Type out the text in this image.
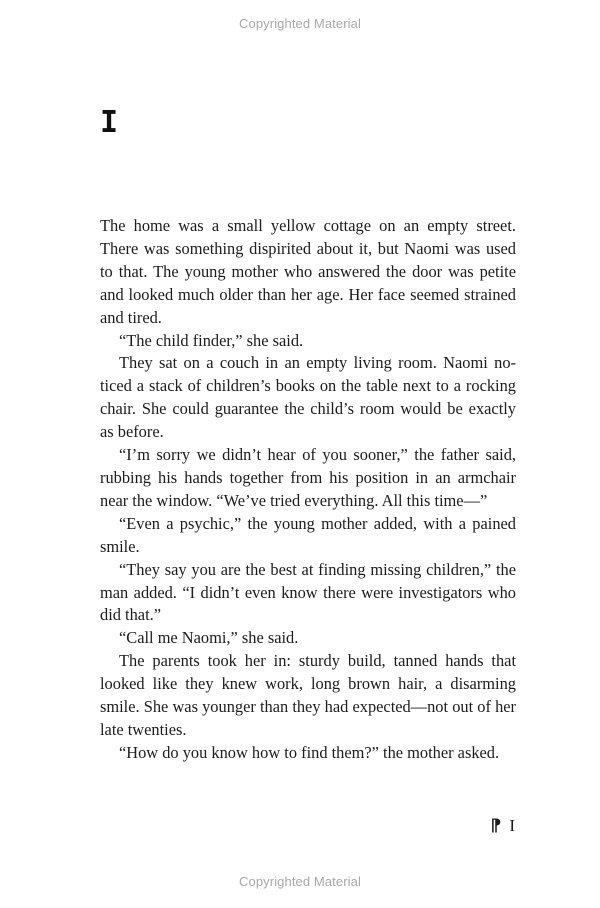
Copyrighted Material
I

The home was a small yellow cottage on an empty street. There was something dispirited about it, but Naomi was used to that. The young mother who answered the door was petite and looked much older than her age. Her face seemed strained and tired.

“The child finder,” she said.

They sat on a couch in an empty living room. Naomi noticed a stack of children’s books on the table next to a rocking chair. She could guarantee the child’s room would be exactly as before.

“I’m sorry we didn’t hear of you sooner,” the father said, rubbing his hands together from his position in an armchair near the window. “We’ve tried everything. All this time—”

“Even a psychic,” the young mother added, with a pained smile.

“They say you are the best at finding missing children,” the man added. “I didn’t even know there were investigators who did that.”

“Call me Naomi,” she said.

The parents took her in: sturdy build, tanned hands that looked like they knew work, long brown hair, a disarming smile. She was younger than they had expected—not out of her late twenties.

“How do you know how to find them?” the mother asked.

⁋ I
Copyrighted Material
